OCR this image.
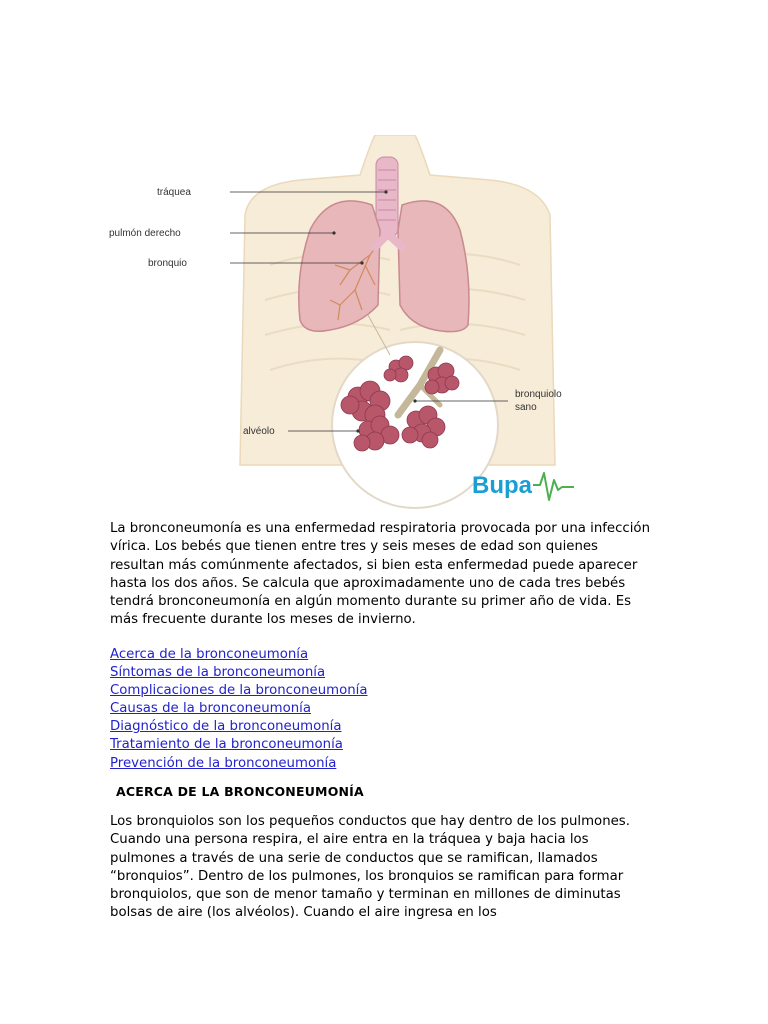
tráquea
pulmón derecho
bronquio
bronquiolo
sano
alvéolo
Bupa

La bronconeumonía es una enfermedad respiratoria provocada por una infección vírica. Los bebés que tienen entre tres y seis meses de edad son quienes resultan más comúnmente afectados, si bien esta enfermedad puede aparecer hasta los dos años. Se calcula que aproximadamente uno de cada tres bebés tendrá bronconeumonía en algún momento durante su primer año de vida. Es más frecuente durante los meses de invierno.

Acerca de la bronconeumonía
Síntomas de la bronconeumonía
Complicaciones de la bronconeumonía
Causas de la bronconeumonía
Diagnóstico de la bronconeumonía
Tratamiento de la bronconeumonía
Prevención de la bronconeumonía
ACERCA DE LA BRONCONEUMONÍA

Los bronquiolos son los pequeños conductos que hay dentro de los pulmones. Cuando una persona respira, el aire entra en la tráquea y baja hacia los pulmones a través de una serie de conductos que se ramifican, llamados “bronquios”. Dentro de los pulmones, los bronquios se ramifican para formar bronquiolos, que son de menor tamaño y terminan en millones de diminutas bolsas de aire (los alvéolos). Cuando el aire ingresa en los
